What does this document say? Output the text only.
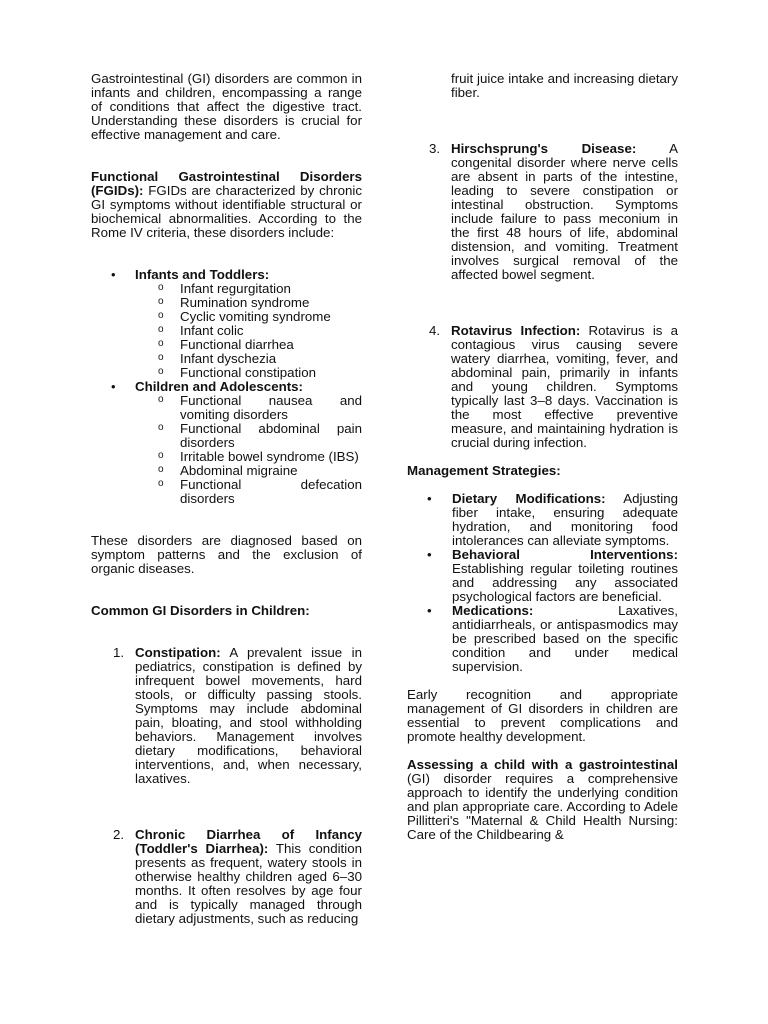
Gastrointestinal (GI) disorders are common in infants and children, encompassing a range of conditions that affect the digestive tract. Understanding these disorders is crucial for effective management and care.

Functional Gastrointestinal Disorders (FGIDs): FGIDs are characterized by chronic GI symptoms without identifiable structural or biochemical abnormalities. According to the Rome IV criteria, these disorders include:

• Infants and Toddlers:
o Infant regurgitation
o Rumination syndrome
o Cyclic vomiting syndrome
o Infant colic
o Functional diarrhea
o Infant dyschezia
o Functional constipation
• Children and Adolescents:
o Functional nausea and vomiting disorders
o Functional abdominal pain disorders
o Irritable bowel syndrome (IBS)
o Abdominal migraine
o Functional defecation disorders

These disorders are diagnosed based on symptom patterns and the exclusion of organic diseases.

Common GI Disorders in Children:

1. Constipation: A prevalent issue in pediatrics, constipation is defined by infrequent bowel movements, hard stools, or difficulty passing stools. Symptoms may include abdominal pain, bloating, and stool withholding behaviors. Management involves dietary modifications, behavioral interventions, and, when necessary, laxatives.
2. Chronic Diarrhea of Infancy (Toddler's Diarrhea): This condition presents as frequent, watery stools in otherwise healthy children aged 6–30 months. It often resolves by age four and is typically managed through dietary adjustments, such as reducing

fruit juice intake and increasing dietary fiber.

3. Hirschsprung's Disease: A congenital disorder where nerve cells are absent in parts of the intestine, leading to severe constipation or intestinal obstruction. Symptoms include failure to pass meconium in the first 48 hours of life, abdominal distension, and vomiting. Treatment involves surgical removal of the affected bowel segment.
4. Rotavirus Infection: Rotavirus is a contagious virus causing severe watery diarrhea, vomiting, fever, and abdominal pain, primarily in infants and young children. Symptoms typically last 3–8 days. Vaccination is the most effective preventive measure, and maintaining hydration is crucial during infection.

Management Strategies:

• Dietary Modifications: Adjusting fiber intake, ensuring adequate hydration, and monitoring food intolerances can alleviate symptoms.
• Behavioral Interventions: Establishing regular toileting routines and addressing any associated psychological factors are beneficial.
• Medications: Laxatives, antidiarrheals, or antispasmodics may be prescribed based on the specific condition and under medical supervision.

Early recognition and appropriate management of GI disorders in children are essential to prevent complications and promote healthy development.

Assessing a child with a gastrointestinal (GI) disorder requires a comprehensive approach to identify the underlying condition and plan appropriate care. According to Adele Pillitteri's "Maternal & Child Health Nursing: Care of the Childbearing &
